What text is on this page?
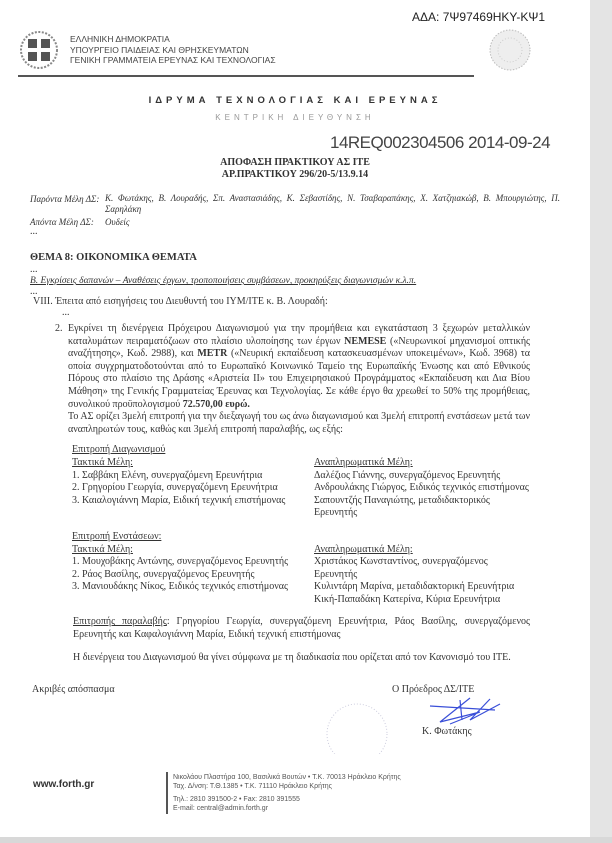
ΑΔΑ: 7Ψ97469ΗΚΥ-ΚΨ1
ΕΛΛΗΝΙΚΗ ΔΗΜΟΚΡΑΤΙΑ
ΥΠΟΥΡΓΕΙΟ ΠΑΙΔΕΙΑΣ ΚΑΙ ΘΡΗΣΚΕΥΜΑΤΩΝ
ΓΕΝΙΚΗ ΓΡΑΜΜΑΤΕΙΑ ΕΡΕΥΝΑΣ ΚΑΙ ΤΕΧΝΟΛΟΓΙΑΣ
ΙΔΡΥΜΑ ΤΕΧΝΟΛΟΓΙΑΣ ΚΑΙ ΕΡΕΥΝΑΣ
ΚΕΝΤΡΙΚΗ ΔΙΕΥΘΥΝΣΗ
14REQ002304506 2014-09-24
ΑΠΟΦΑΣΗ ΠΡΑΚΤΙΚΟΥ ΑΣ ΙΤΕ
ΑΡ.ΠΡΑΚΤΙΚΟΥ 296/20-5/13.9.14
Παρόντα Μέλη ΔΣ: Κ. Φωτάκης, Β. Λουραδής, Σπ. Αναστασιάδης, Κ. Σεβαστίδης, Ν. Τσαβαραπάκης, Χ. Χατζηιακώβ, Β. Μπουργιώτης, Π. Σαρηλάκη
Απόντα Μέλη ΔΣ: Ουδείς
...
ΘΕΜΑ 8: ΟΙΚΟΝΟΜΙΚΑ ΘΕΜΑΤΑ
...
Β. Εγκρίσεις δαπανών – Αναθέσεις έργων, τροποποιήσεις συμβάσεων, προκηρύξεις διαγωνισμών κ.λ.π.
...
VIII. Έπειτα από εισηγήσεις του Διευθυντή του ΙΥΜ/ΙΤΕ κ. Β. Λουραδή:
...
2. Εγκρίνει τη διενέργεια Πρόχειρου Διαγωνισμού για την προμήθεια και εγκατάσταση 3 ξεχωρών μεταλλικών καταλυμάτων πειραματόζωων στο πλαίσιο υλοποίησης των έργων NEMESE («Νευρωνικοί μηχανισμοί οπτικής αναζήτησης», Κωδ. 2988), και METR («Νευρική εκπαίδευση κατασκευασμένων υποκειμένων», Κωδ. 3968) τα οποία συγχρηματοδοτούνται από το Ευρωπαϊκό Κοινωνικό Ταμείο της Ευρωπαϊκής Ένωσης και από Εθνικούς Πόρους στο πλαίσιο της Δράσης «Αριστεία ΙΙ» του Επιχειρησιακού Προγράμματος «Εκπαίδευση και Δια Βίου Μάθηση» της Γενικής Γραμματείας Έρευνας και Τεχνολογίας. Σε κάθε έργο θα χρεωθεί το 50% της προμήθειας, συνολικού προϋπολογισμού 72.570,00 ευρώ.
Το ΑΣ ορίζει 3μελή επιτροπή για την διεξαγωγή του ως άνω διαγωνισμού και 3μελή επιτροπή ενστάσεων μετά των αναπληρωτών τους, καθώς και 3μελή επιτροπή παραλαβής, ως εξής:
Επιτροπή Διαγωνισμού
Τακτικά Μέλη:
1. Σαββάκη Ελένη, συνεργαζόμενη Ερευνήτρια
2. Γρηγορίου Γεωργία, συνεργαζόμενη Ερευνήτρια
3. Καιαλογιάννη Μαρία, Ειδική τεχνική επιστήμονας
Αναπληρωματικά Μέλη:
Δαλέζιος Γιάννης, συνεργαζόμενος Ερευνητής
Ανδρουλάκης Γιώργος, Ειδικός τεχνικός επιστήμονας
Σαπουντζής Παναγιώτης, μεταδιδακτορικός Ερευνητής
Επιτροπή Ενστάσεων:
Τακτικά Μέλη:
1. Μουχοβάκης Αντώνης, συνεργαζόμενος Ερευνητής
2. Ράος Βασίλης, συνεργαζόμενος Ερευνητής
3. Μανιουδάκης Νίκος, Ειδικός τεχνικός επιστήμονας
Αναπληρωματικά Μέλη:
Χριστάκος Κωνσταντίνος, συνεργαζόμενος Ερευνητής
Κυλιντάρη Μαρίνα, μεταδιδακτορική Ερευνήτρια
Κική-Παπαδάκη Κατερίνα, Κύρια Ερευνήτρια
Επιτροπής παραλαβής: Γρηγορίου Γεωργία, συνεργαζόμενη Ερευνήτρια, Ράος Βασίλης, συνεργαζόμενος Ερευνητής και Καφαλογιάννη Μαρία, Ειδική τεχνική επιστήμονας
Η διενέργεια του Διαγωνισμού θα γίνει σύμφωνα με τη διαδικασία που ορίζεται από τον Κανονισμό του ΙΤΕ.
Ακριβές απόσπασμα	Ο Πρόεδρος ΔΣ/ΙΤΕ
Κ. Φωτάκης
www.forth.gr
Νικολάου Πλαστήρα 100, Βασιλικά Βουτών • Τ.Κ. 70013 Ηράκλειο Κρήτης
Ταχ. Δ/νση: Τ.Θ.1385 • Τ.Κ. 71110 Ηράκλειο Κρήτης
Τηλ.: 2810 391500-2 • Fax: 2810 391555
E-mail: central@admin.forth.gr
